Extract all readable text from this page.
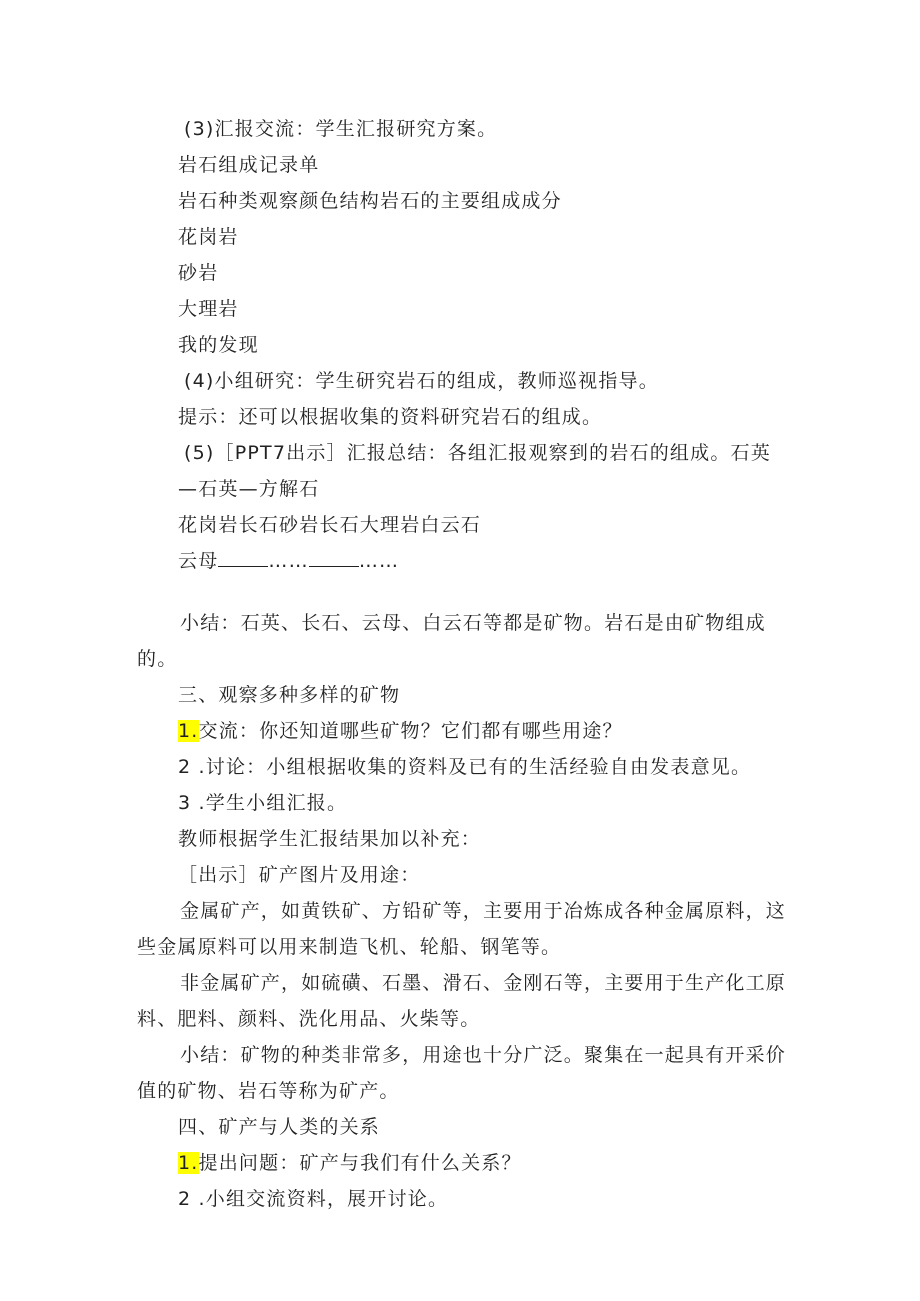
(3)汇报交流：学生汇报研究方案。
岩石组成记录单
岩石种类观察颜色结构岩石的主要组成成分
花岗岩
砂岩
大理岩
我的发现
(4)小组研究：学生研究岩石的组成，教师巡视指导。
提示：还可以根据收集的资料研究岩石的组成。
(5)［PPT7出示］汇报总结：各组汇报观察到的岩石的组成。石英
—石英—方解石
花岗岩长石砂岩长石大理岩白云石
云母	……	……
小结：石英、长石、云母、白云石等都是矿物。岩石是由矿物组成
的。
三、观察多种多样的矿物
1.交流：你还知道哪些矿物？它们都有哪些用途？
2 .讨论：小组根据收集的资料及已有的生活经验自由发表意见。
3 .学生小组汇报。
教师根据学生汇报结果加以补充：
［出示］矿产图片及用途：
金属矿产，如黄铁矿、方铅矿等，主要用于冶炼成各种金属原料，这
些金属原料可以用来制造飞机、轮船、钢笔等。
非金属矿产，如硫磺、石墨、滑石、金刚石等，主要用于生产化工原
料、肥料、颜料、洗化用品、火柴等。
小结：矿物的种类非常多，用途也十分广泛。聚集在一起具有开采价
值的矿物、岩石等称为矿产。
四、矿产与人类的关系
1.提出问题：矿产与我们有什么关系？
2 .小组交流资料，展开讨论。
